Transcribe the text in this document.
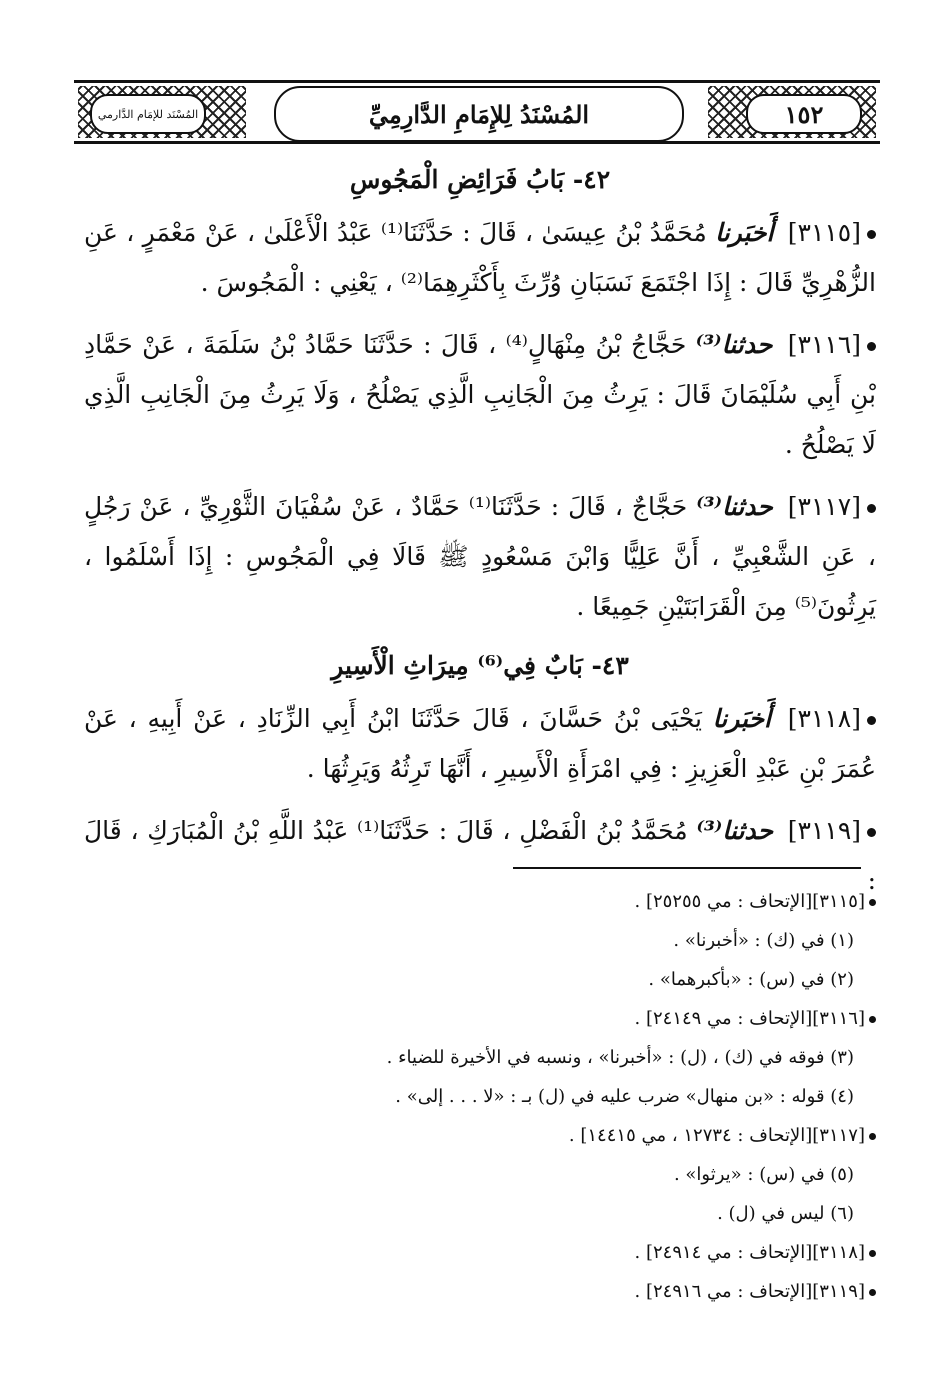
المُسْنَد للإمَام الدَّارمي	المُسْنَدُ لِلإِمَامِ الدَّارِمِيِّ	١٥٢
٤٢- بَابُ فَرَائِضِ الْمَجُوسِ
[٣١١٥] أَخبَرنا مُحَمَّدُ بْنُ عِيسَىٰ ، قَالَ : حَدَّثَنَا⁽¹⁾ عَبْدُ الْأَعْلَىٰ ، عَنْ مَعْمَرٍ ، عَنِ الزُّهْرِيِّ قَالَ : إِذَا اجْتَمَعَ نَسَبَانِ وُرِّثَ بِأَكْثَرِهِمَا⁽²⁾ ، يَعْنِي : الْمَجُوسَ .
[٣١١٦] حدثنا⁽³⁾ حَجَّاجُ بْنُ مِنْهَالٍ⁽⁴⁾ ، قَالَ : حَدَّثَنَا حَمَّادُ بْنُ سَلَمَةَ ، عَنْ حَمَّادِ بْنِ أَبِي سُلَيْمَانَ قَالَ : يَرِثُ مِنَ الْجَانِبِ الَّذِي يَصْلُحُ ، وَلَا يَرِثُ مِنَ الْجَانِبِ الَّذِي لَا يَصْلُحُ .
[٣١١٧] حدثنا⁽³⁾ حَجَّاجٌ ، قَالَ : حَدَّثَنَا⁽¹⁾ حَمَّادٌ ، عَنْ سُفْيَانَ الثَّوْرِيِّ ، عَنْ رَجُلٍ ، عَنِ الشَّعْبِيِّ ، أَنَّ عَلِيًّا وَابْنَ مَسْعُودٍ ﷺ قَالَا فِي الْمَجُوسِ : إِذَا أَسْلَمُوا ، يَرِثُونَ⁽⁵⁾ مِنَ الْقَرَابَتَيْنِ جَمِيعًا .
٤٣- بَابٌ فِي⁽⁶⁾ مِيرَاثِ الْأَسِيرِ
[٣١١٨] أَخبَرنا يَحْيَى بْنُ حَسَّانَ ، قَالَ حَدَّثَنَا ابْنُ أَبِي الزِّنَادِ ، عَنْ أَبِيهِ ، عَنْ عُمَرَ بْنِ عَبْدِ الْعَزِيزِ : فِي امْرَأَةِ الْأَسِيرِ ، أَنَّهَا تَرِثُهُ وَيَرِثُهَا .
[٣١١٩] حدثنا⁽³⁾ مُحَمَّدُ بْنُ الْفَضْلِ ، قَالَ : حَدَّثَنَا⁽¹⁾ عَبْدُ اللَّهِ بْنُ الْمُبَارَكِ ، قَالَ :
[٣١١٥][الإتحاف : مي ٢٥٢٥٥] .
(١) في (ك) : «أخبرنا» .
(٢) في (س) : «بأكبرهما» .
[٣١١٦][الإتحاف : مي ٢٤١٤٩] .
(٣) فوقه في (ك) ، (ل) : «أخبرنا» ، ونسبه في الأخيرة للضياء .
(٤) قوله : «بن منهال» ضرب عليه في (ل) بـ : «لا . . . إلى» .
[٣١١٧][الإتحاف : ١٢٧٣٤ ، مي ١٤٤١٥] .
(٥) في (س) : «يرثوا» .
(٦) ليس في (ل) .
[٣١١٨][الإتحاف : مي ٢٤٩١٤] .
[٣١١٩][الإتحاف : مي ٢٤٩١٦] .
